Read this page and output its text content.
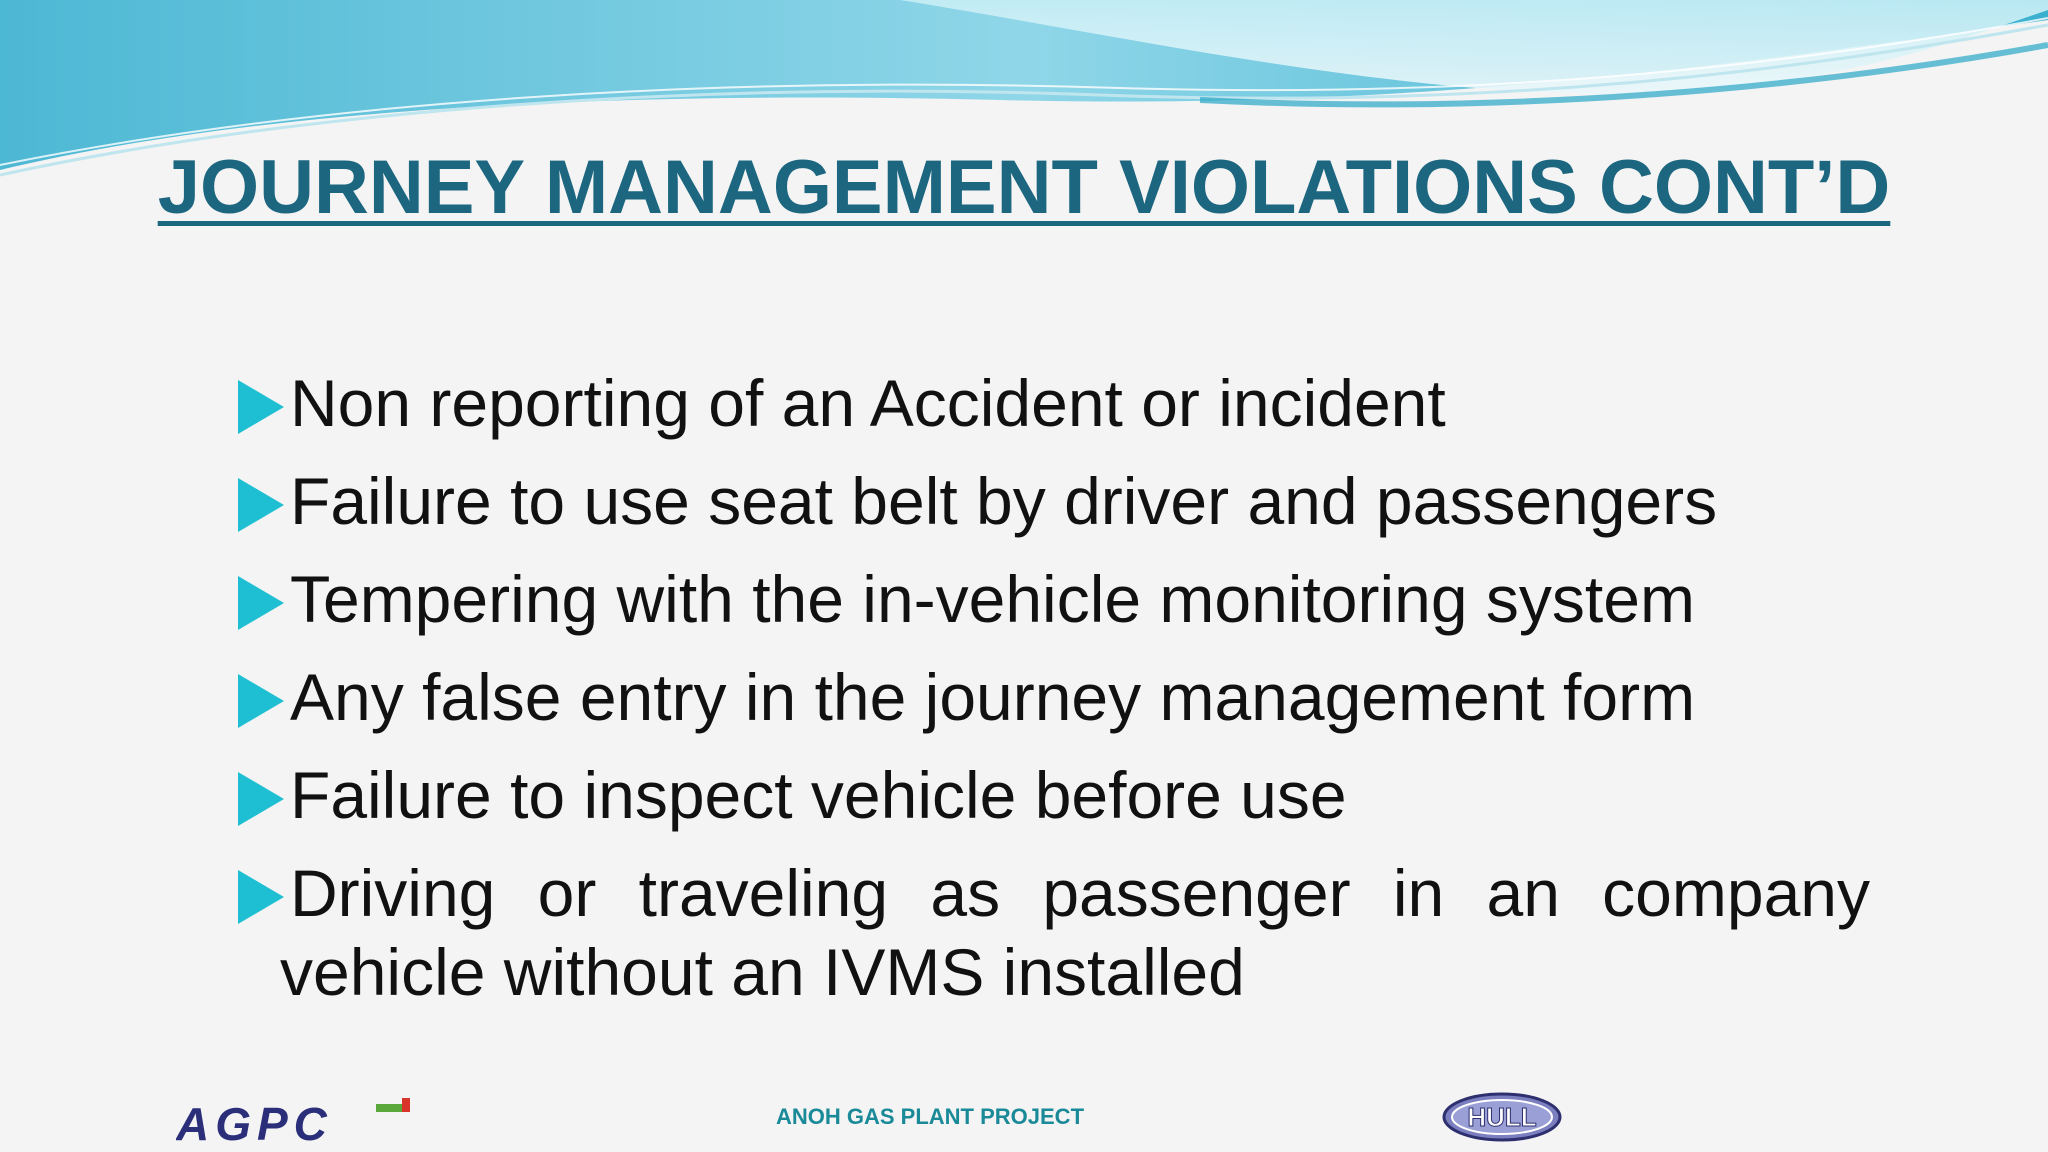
JOURNEY MANAGEMENT VIOLATIONS CONT’D
Non reporting of an Accident or incident
Failure to use seat belt by driver and passengers
Tempering with the in-vehicle monitoring system
Any false entry in the journey management form
Failure to inspect vehicle before use
Driving or traveling as passenger in an company
vehicle without an IVMS installed
AGPC	ANOH GAS PLANT PROJECT	HULL
